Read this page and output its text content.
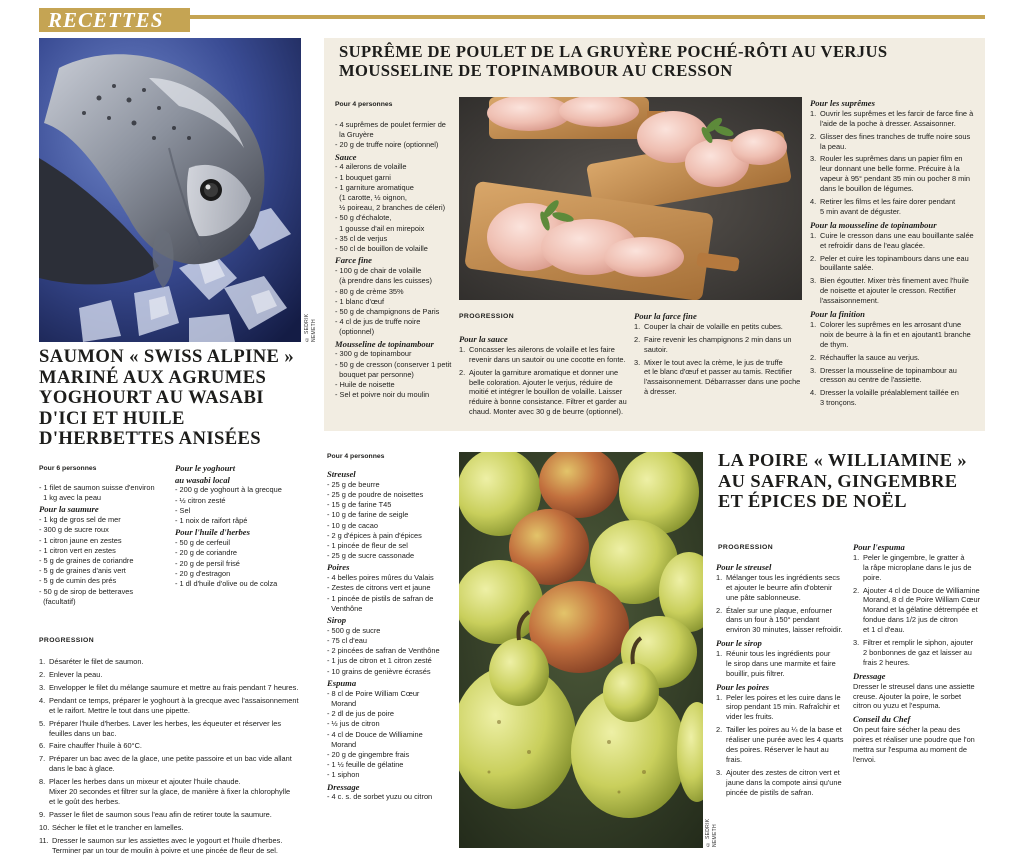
RECETTES
© SEDRIK NEMETH
SAUMON « SWISS ALPINE »
MARINÉ AUX AGRUMES
YOGHOURT AU WASABI
D'ICI ET HUILE
D'HERBETTES ANISÉES
Pour 6 personnes
- 1 filet de saumon suisse d'environ
1 kg avec la peau
Pour la saumure
- 1 kg de gros sel de mer
- 300 g de sucre roux
- 1 citron jaune en zestes
- 1 citron vert en zestes
- 5 g de graines de coriandre
- 5 g de graines d'anis vert
- 5 g de cumin des prés
- 50 g de sirop de betteraves
(facultatif)
Pour le yoghourt
au wasabi local
- 200 g de yoghourt à la grecque
- ½ citron zesté
- Sel
- 1 noix de raifort râpé
Pour l'huile d'herbes
- 50 g de cerfeuil
- 20 g de coriandre
- 20 g de persil frisé
- 20 g d'estragon
- 1 dl d'huile d'olive ou de colza
PROGRESSION
1. Désaréter le filet de saumon.
2. Enlever la peau.
3. Envelopper le filet du mélange saumure et mettre au frais pendant 7 heures.
4. Pendant ce temps, préparer le yoghourt à la grecque avec l'assaisonnement
et le raifort. Mettre le tout dans une pipette.
5. Préparer l'huile d'herbes. Laver les herbes, les équeuter et réserver les
feuilles dans un bac.
6. Faire chauffer l'huile à 60°C.
7. Préparer un bac avec de la glace, une petite passoire et un bac vide allant
dans le bac à glace.
8. Placer les herbes dans un mixeur et ajouter l'huile chaude.
Mixer 20 secondes et filtrer sur la glace, de manière à fixer la chlorophylle
et le goût des herbes.
9. Passer le filet de saumon sous l'eau afin de retirer toute la saumure.
10. Sécher le filet et le trancher en lamelles.
11. Dresser le saumon sur les assiettes avec le yogourt et l'huile d'herbes.
Terminer par un tour de moulin à poivre et une pincée de fleur de sel.
SUPRÊME DE POULET DE LA GRUYÈRE POCHÉ-RÔTI AU VERJUS
MOUSSELINE DE TOPINAMBOUR AU CRESSON
Pour 4 personnes
- 4 suprêmes de poulet fermier de
la Gruyère
- 20 g de truffe noire (optionnel)
Sauce
- 4 ailerons de volaille
- 1 bouquet garni
- 1 garniture aromatique
(1 carotte, ½ oignon,
½ poireau, 2 branches de céleri)
- 50 g d'échalote,
1 gousse d'ail en mirepoix
- 35 cl de verjus
- 50 cl de bouillon de volaille
Farce fine
- 100 g de chair de volaille
(à prendre dans les cuisses)
- 80 g de crème 35%
- 1 blanc d'œuf
- 50 g de champignons de Paris
- 4 cl de jus de truffe noire
(optionnel)
Mousseline de topinambour
- 300 g de topinambour
- 50 g de cresson (conserver 1 petit
bouquet par personne)
- Huile de noisette
- Sel et poivre noir du moulin
PROGRESSION
Pour la sauce
1. Concasser les ailerons de volaille et les faire
revenir dans un sautoir ou une cocotte en fonte.
2. Ajouter la garniture aromatique et donner une
belle coloration. Ajouter le verjus, réduire de
moitié et intégrer le bouillon de volaille. Laisser
réduire à bonne consistance. Filtrer et garder au
chaud. Monter avec 30 g de beurre (optionnel).
Pour la farce fine
1. Couper la chair de volaille en petits cubes.
2. Faire revenir les champignons 2 min dans un
sautoir.
3. Mixer le tout avec la crème, le jus de truffe
et le blanc d'œuf et passer au tamis. Rectifier
l'assaisonnement. Débarrasser dans une poche
à dresser.
Pour les suprêmes
1. Ouvrir les suprêmes et les farcir de farce fine à
l'aide de la poche à dresser. Assaisonner.
2. Glisser des fines tranches de truffe noire sous
la peau.
3. Rouler les suprêmes dans un papier film en
leur donnant une belle forme. Précuire à la
vapeur à 95° pendant 35 min ou pocher 8 min
dans le bouillon de légumes.
4. Retirer les films et les faire dorer pendant
5 min avant de déguster.
Pour la mousseline de topinambour
1. Cuire le cresson dans une eau bouillante salée
et refroidir dans de l'eau glacée.
2. Peler et cuire les topinambours dans une eau
bouillante salée.
3. Bien égoutter. Mixer très finement avec l'huile
de noisette et ajouter le cresson. Rectifier
l'assaisonnement.
Pour la finition
1. Colorer les suprêmes en les arrosant d'une
noix de beurre à la fin et en ajoutant1 branche
de thym.
2. Réchauffer la sauce au verjus.
3. Dresser la mousseline de topinambour au
cresson au centre de l'assiette.
4. Dresser la volaille préalablement taillée en
3 tronçons.
Pour 4 personnes
Streusel
- 25 g de beurre
- 25 g de poudre de noisettes
- 15 g de farine T45
- 10 g de farine de seigle
- 10 g de cacao
- 2 g d'épices à pain d'épices
- 1 pincée de fleur de sel
- 25 g de sucre cassonade
Poires
- 4 belles poires mûres du Valais
- Zestes de citrons vert et jaune
- 1 pincée de pistils de safran de
Venthône
Sirop
- 500 g de sucre
- 75 cl d'eau
- 2 pincées de safran de Venthône
- 1 jus de citron et 1 citron zesté
- 10 grains de genièvre écrasés
Espuma
- 8 cl de Poire William Cœur
Morand
- 2 dl de jus de poire
- ½ jus de citron
- 4 cl de Douce de Williamine
Morand
- 20 g de gingembre frais
- 1 ½ feuille de gélatine
- 1 siphon
Dressage
- 4 c. s. de sorbet yuzu ou citron
© SEDRIK NEMETH
LA POIRE « WILLIAMINE »
AU SAFRAN, GINGEMBRE
ET ÉPICES DE NOËL
PROGRESSION
Pour le streusel
1. Mélanger tous les ingrédients secs
et ajouter le beurre afin d'obtenir
une pâte sablonneuse.
2. Étaler sur une plaque, enfourner
dans un four à 150° pendant
environ 30 minutes, laisser refroidir.
Pour le sirop
1. Réunir tous les ingrédients pour
le sirop dans une marmite et faire
bouillir, puis filtrer.
Pour les poires
1. Peler les poires et les cuire dans le
sirop pendant 15 min. Rafraîchir et
vider les fruits.
2. Tailler les poires au ¼ de la base et
réaliser une purée avec les 4 quarts
des poires. Réserver le haut au
frais.
3. Ajouter des zestes de citron vert et
jaune dans la compote ainsi qu'une
pincée de pistils de safran.
Pour l'espuma
1. Peler le gingembre, le gratter à
la râpe microplane dans le jus de
poire.
2. Ajouter 4 cl de Douce de Williamine
Morand, 8 cl de Poire William Cœur
Morand et la gélatine détrempée et
fondue dans 1/2 jus de citron
et 1 cl d'eau.
3. Filtrer et remplir le siphon, ajouter
2 bonbonnes de gaz et laisser au
frais 2 heures.
Dressage
Dresser le streusel dans une assiette
creuse. Ajouter la poire, le sorbet
citron ou yuzu et l'espuma.
Conseil du Chef
On peut faire sécher la peau des
poires et réaliser une poudre que l'on
mettra sur l'espuma au moment de
l'envoi.
